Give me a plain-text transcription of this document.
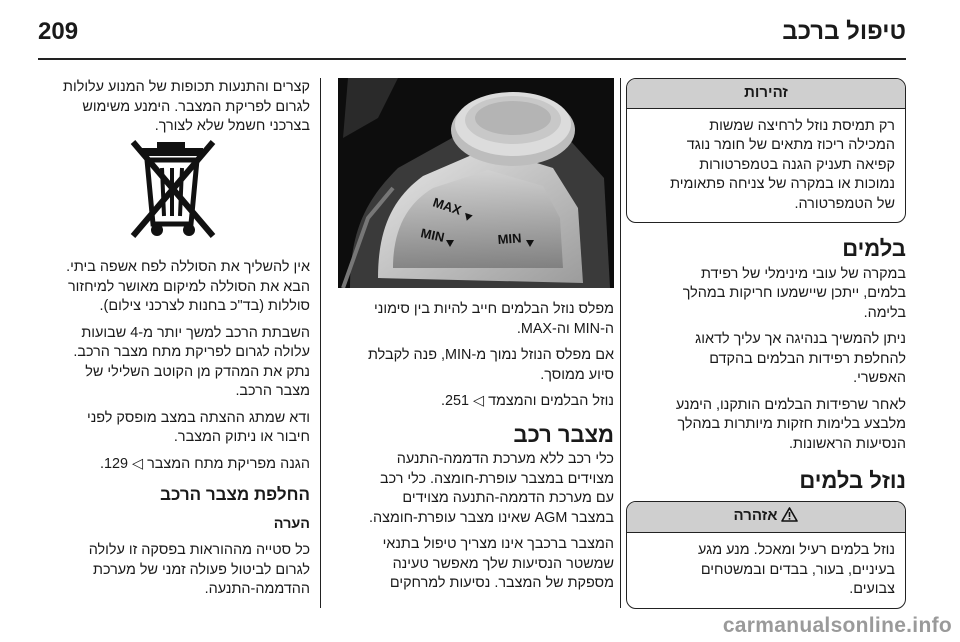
209	טיפול ברכב
זהירות
רק תמיסת נוזל לרחיצה שמשות
המכילה ריכוז מתאים של חומר נוגד
קפיאה תעניק הגנה בטמפרטורות
נמוכות או במקרה של צניחה פתאומית
של הטמפרטורה.
בלמים

במקרה של עובי מינימלי של רפידת
בלמים, ייתכן שיישמעו חריקות במהלך
בלימה.

ניתן להמשיך בנהיגה אך עליך לדאוג
להחלפת רפידות הבלמים בהקדם
האפשרי.

לאחר שרפידות הבלמים הותקנו, הימנע
מלבצע בלימות חזקות מיותרות במהלך
הנסיעות הראשונות.

נוזל בלמים
אזהרה
נוזל בלמים רעיל ומאכל. מנע מגע
בעיניים, בעור, בבדים ובמשטחים
צבועים.
MAX
MIN	MIN

מפלס נוזל הבלמים חייב להיות בין סימוני
ה-MIN וה-MAX.

אם מפלס הנוזל נמוך מ-MIN, פנה לקבלת
סיוע ממוסך.

נוזל הבלמים והמצמד ◁ 251.

מצבר רכב

כלי רכב ללא מערכת הדממה-התנעה
מצוידים במצבר עופרת-חומצה. כלי רכב
עם מערכת הדממה-התנעה מצוידים
במצבר AGM שאינו מצבר עופרת-חומצה.

המצבר ברכבך אינו מצריך טיפול בתנאי
שמשטר הנסיעות שלך מאפשר טעינה
מספקת של המצבר. נסיעות למרחקים

קצרים והתנעות תכופות של המנוע עלולות
לגרום לפריקת המצבר. הימנע משימוש
בצרכני חשמל שלא לצורך.

אין להשליך את הסוללה לפח אשפה ביתי.
הבא את הסוללה למיקום מאושר למיחזור
סוללות (בד"כ בחנות לצרכני צילום).

השבתת הרכב למשך יותר מ-4 שבועות
עלולה לגרום לפריקת מתח מצבר הרכב.
נתק את המהדק מן הקוטב השלילי של
מצבר הרכב.

ודא שמתג ההצתה במצב מופסק לפני
חיבור או ניתוק המצבר.

הגנה מפריקת מתח המצבר ◁ 129.

החלפת מצבר הרכב

הערה

כל סטייה מההוראות בפסקה זו עלולה
לגרום לביטול פעולה זמני של מערכת
ההדממה-התנעה.

carmanualsonline.info
